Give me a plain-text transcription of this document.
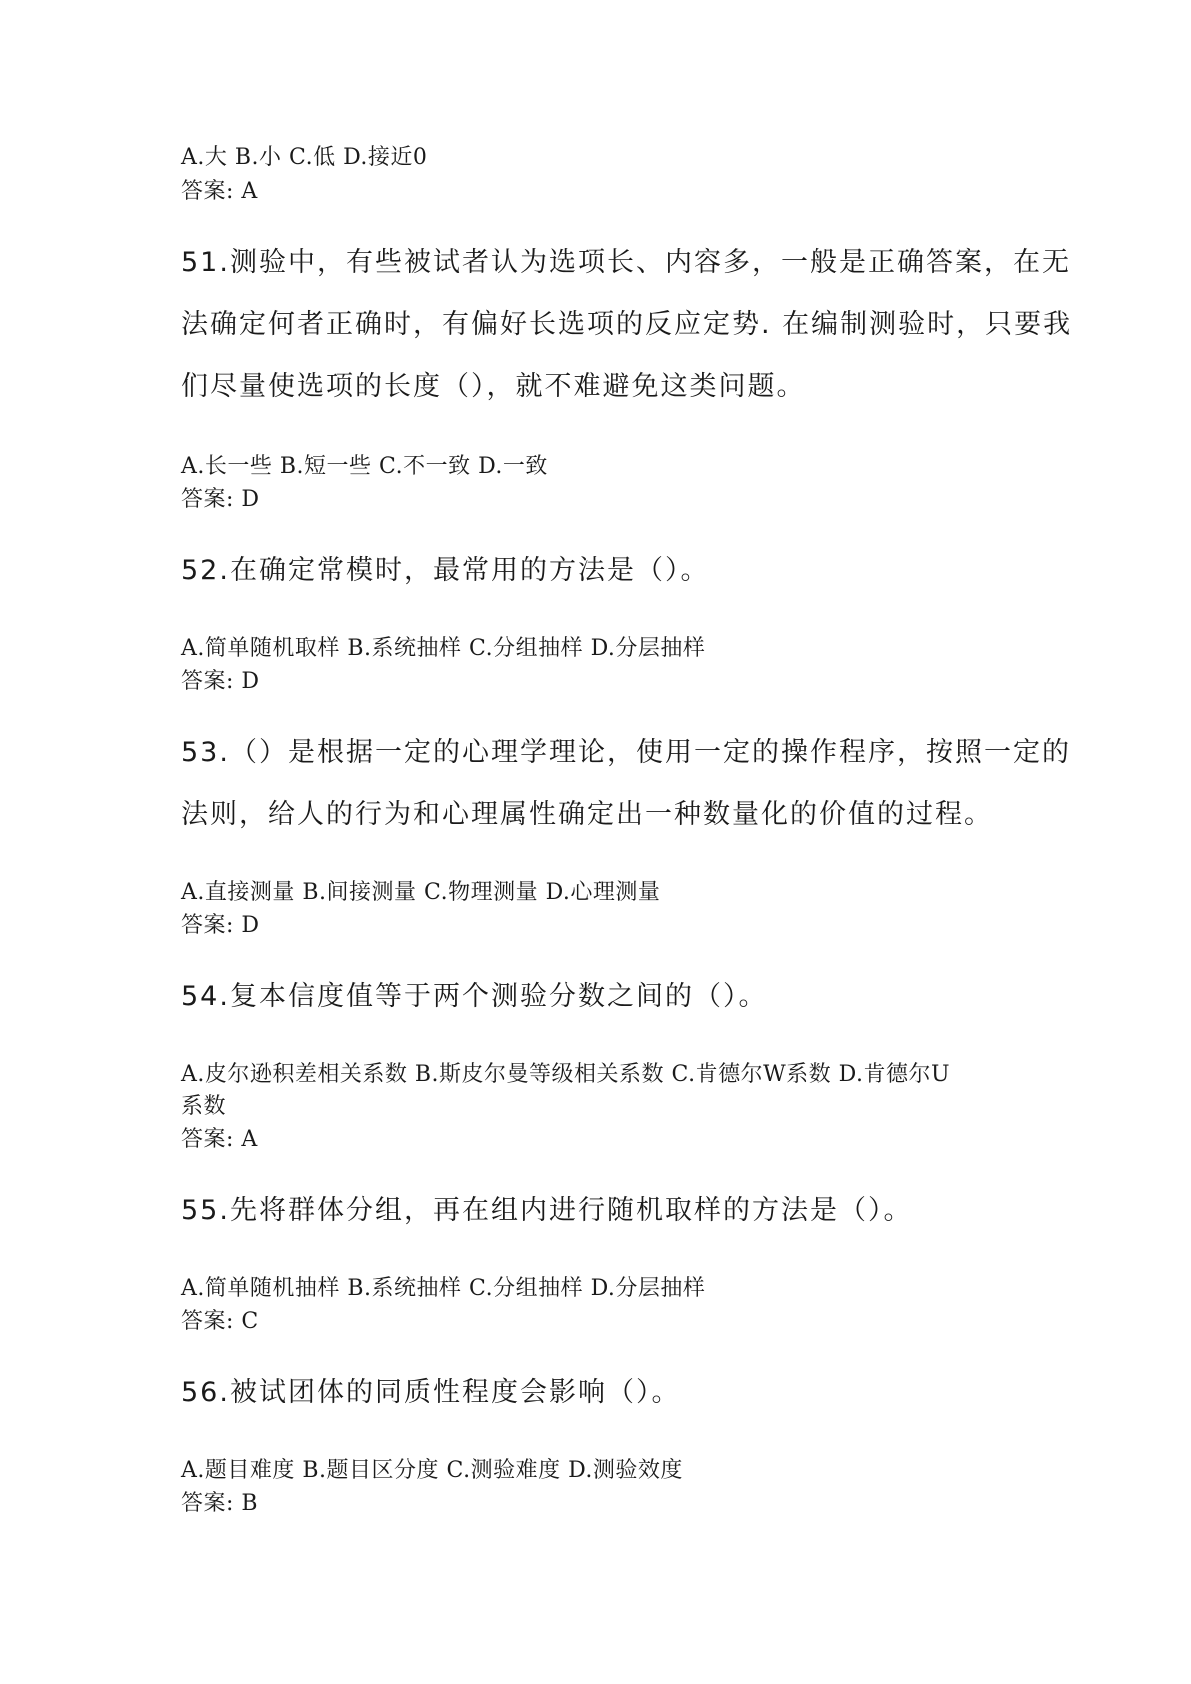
A.大 B.小 C.低 D.接近0
答案: A
51.测验中，有些被试者认为选项长、内容多，一般是正确答案，在无
法确定何者正确时，有偏好长选项的反应定势. 在编制测验时，只要我
们尽量使选项的长度（），就不难避免这类问题。
A.长一些 B.短一些 C.不一致 D.一致
答案: D
52.在确定常模时，最常用的方法是（）。
A.简单随机取样 B.系统抽样 C.分组抽样 D.分层抽样
答案: D
53.（）是根据一定的心理学理论，使用一定的操作程序，按照一定的
法则，给人的行为和心理属性确定出一种数量化的价值的过程。
A.直接测量 B.间接测量 C.物理测量 D.心理测量
答案: D
54.复本信度值等于两个测验分数之间的（）。
A.皮尔逊积差相关系数 B.斯皮尔曼等级相关系数 C.肯德尔W系数 D.肯德尔U
系数
答案: A
55.先将群体分组，再在组内进行随机取样的方法是（）。
A.简单随机抽样 B.系统抽样 C.分组抽样 D.分层抽样
答案: C
56.被试团体的同质性程度会影响（）。
A.题目难度 B.题目区分度 C.测验难度 D.测验效度
答案: B
